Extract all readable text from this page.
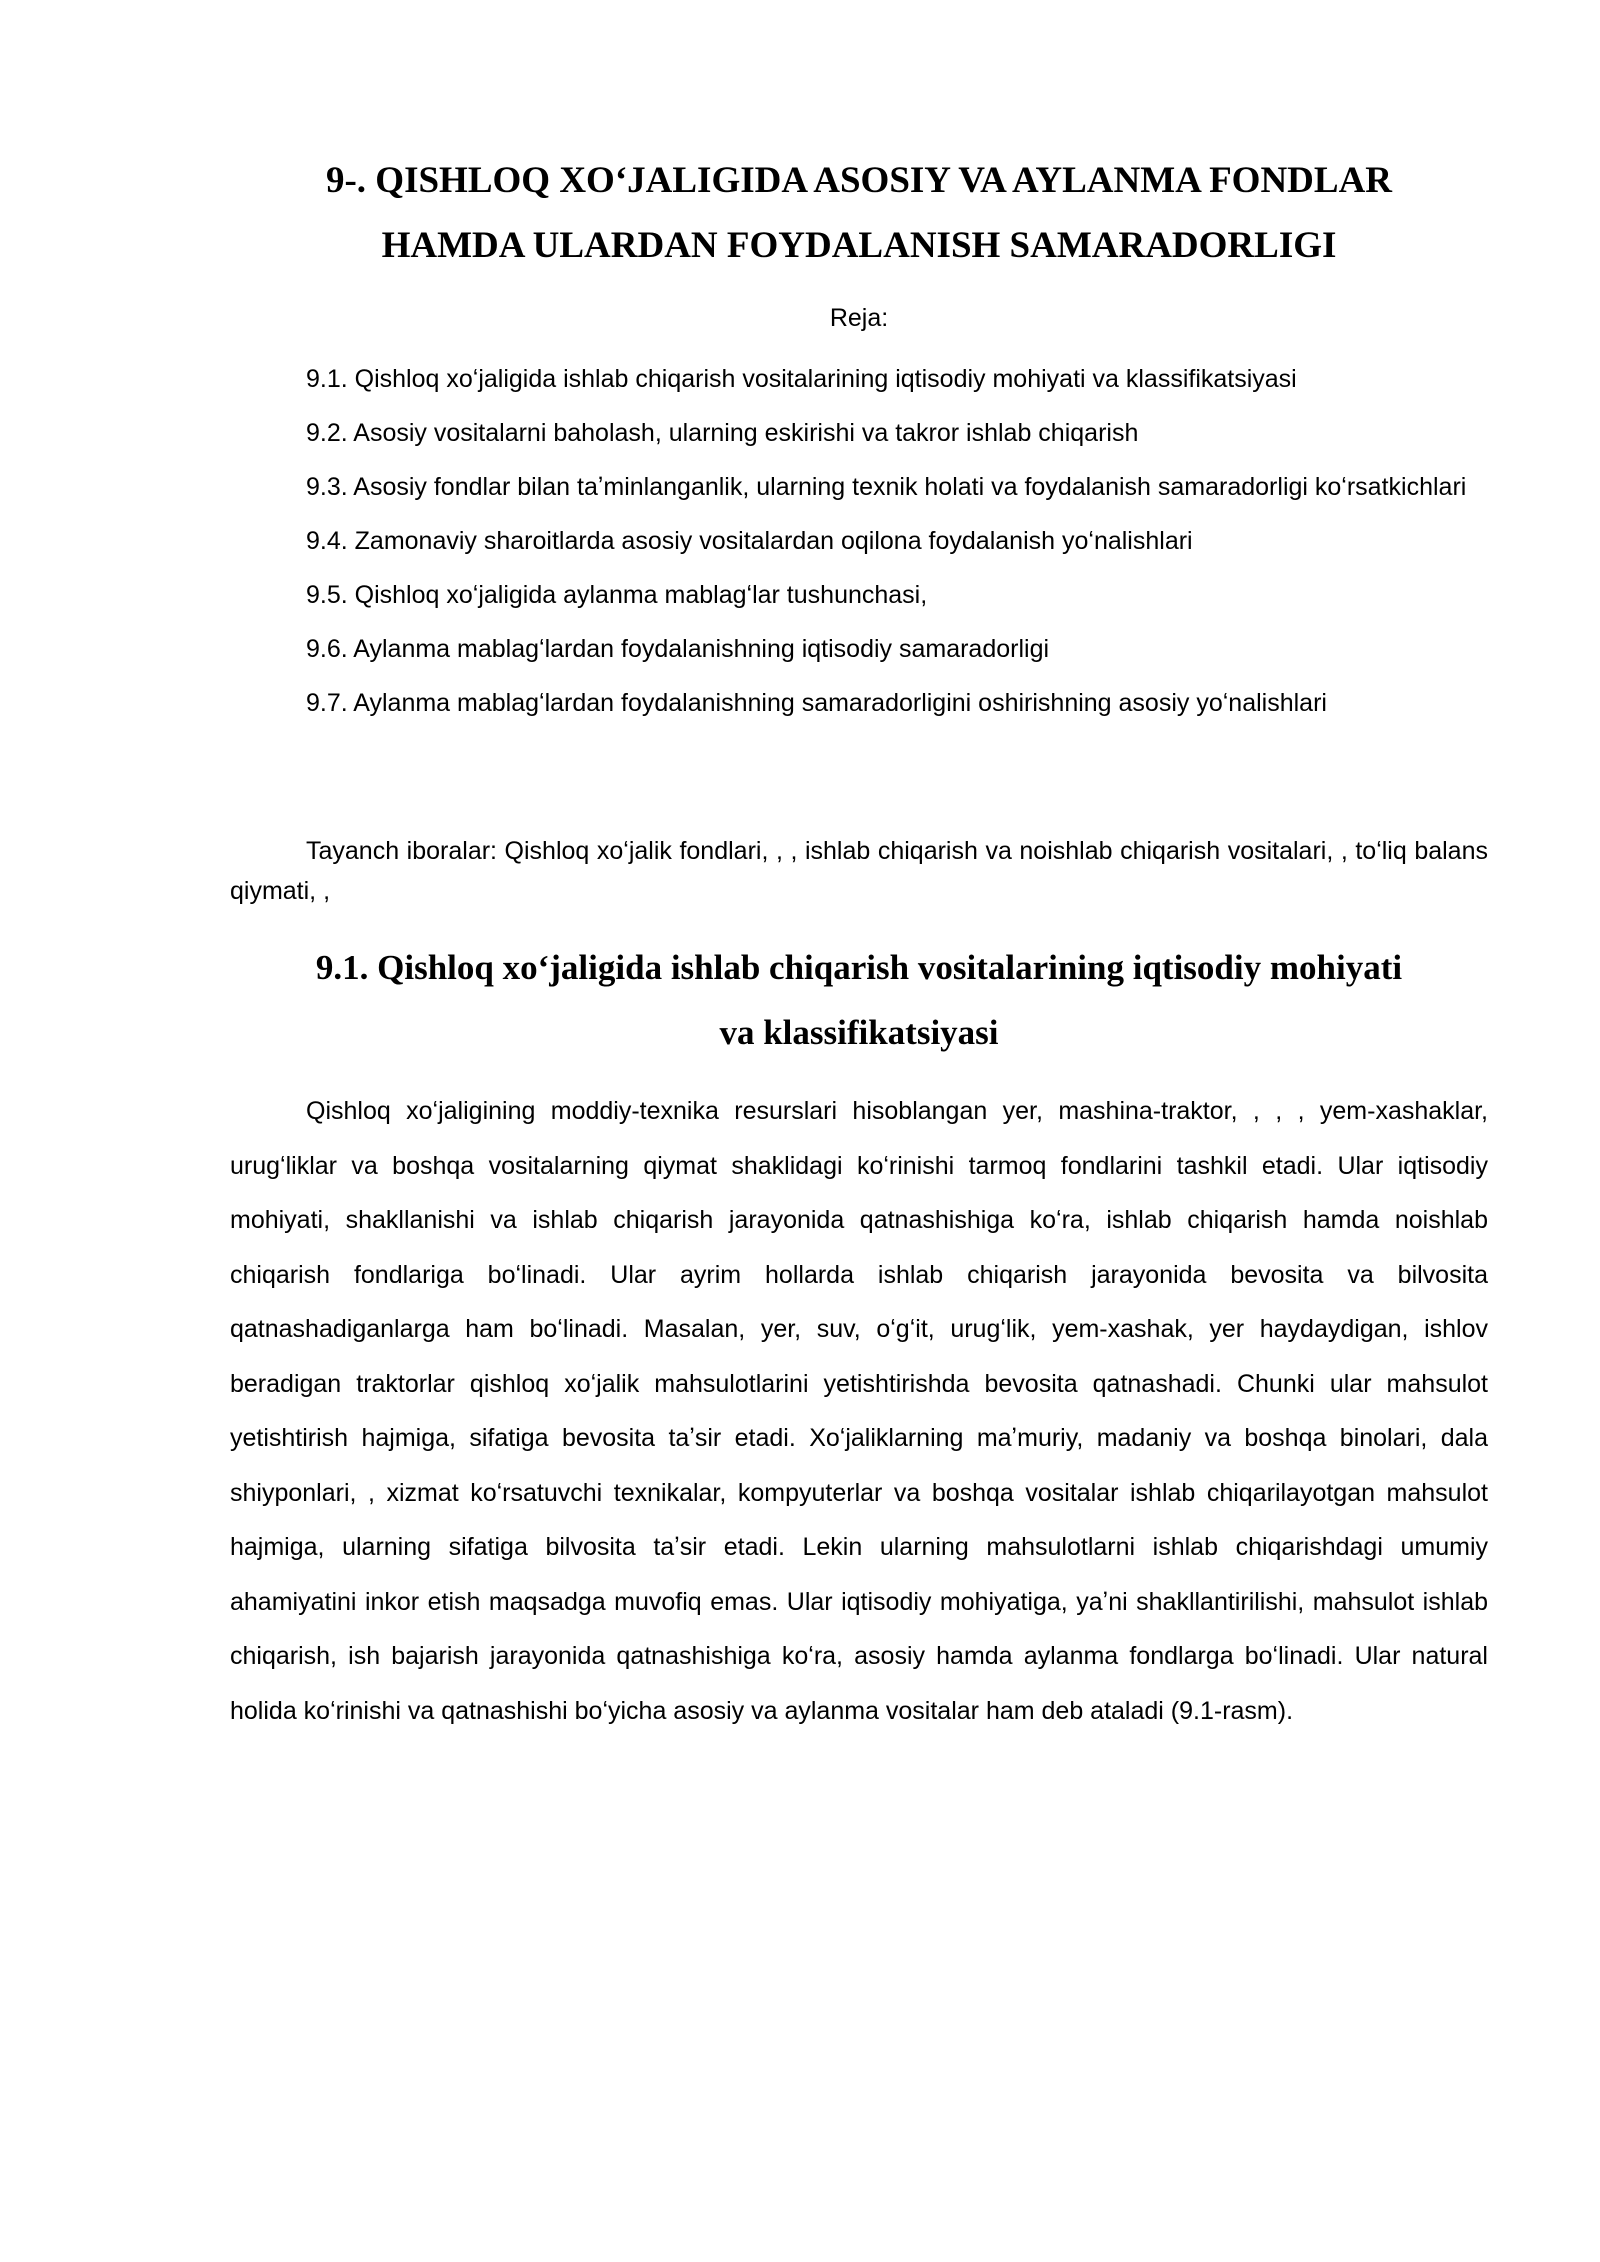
9-. QISHLOQ XOʻJALIGIDA ASOSIY VA AYLANMA FONDLAR
HAMDA ULARDAN FOYDALANISH SAMARADORLIGI

Reja:

9.1. Qishloq xoʻjaligida ishlab chiqarish vositalarining iqtisodiy mohiyati va klassifikatsiyasi
9.2. Asosiy vositalarni baholash, ularning eskirishi va takror ishlab chiqarish
9.3. Asosiy fondlar bilan taʼminlanganlik, ularning texnik holati va foydalanish samaradorligi koʻrsatkichlari
9.4. Zamonaviy sharoitlarda asosiy vositalardan oqilona foydalanish yoʻnalishlari
9.5. Qishloq xoʻjaligida aylanma mablagʻlar tushunchasi,
9.6. Aylanma mablagʻlardan foydalanishning iqtisodiy samaradorligi
9.7. Aylanma mablagʻlardan foydalanishning samaradorligini oshirishning asosiy yoʻnalishlari

Tayanch iboralar: Qishloq xoʻjalik fondlari, , , ishlab chiqarish va noishlab chiqarish vositalari, , toʻliq balans qiymati, ,

9.1. Qishloq xoʻjaligida ishlab chiqarish vositalarining iqtisodiy mohiyati
va klassifikatsiyasi

Qishloq xoʻjaligining moddiy-texnika resurslari hisoblangan yer, mashina-traktor, , , , yem-xashaklar, urugʻliklar va boshqa vositalarning qiymat shaklidagi koʻrinishi tarmoq fondlarini tashkil etadi. Ular iqtisodiy mohiyati, shakllanishi va ishlab chiqarish jarayonida qatnashishiga koʻra, ishlab chiqarish hamda noishlab chiqarish fondlariga boʻlinadi. Ular ayrim hollarda ishlab chiqarish jarayonida bevosita va bilvosita qatnashadiganlarga ham boʻlinadi. Masalan, yer, suv, oʻgʻit, urugʻlik, yem-xashak, yer haydaydigan, ishlov beradigan traktorlar qishloq xoʻjalik mahsulotlarini yetishtirishda bevosita qatnashadi. Chunki ular mahsulot yetishtirish hajmiga, sifatiga bevosita taʼsir etadi. Xoʻjaliklarning maʼmuriy, madaniy va boshqa binolari, dala shiyponlari, , xizmat koʻrsatuvchi texnikalar, kompyuterlar va boshqa vositalar ishlab chiqarilayotgan mahsulot hajmiga, ularning sifatiga bilvosita taʼsir etadi. Lekin ularning mahsulotlarni ishlab chiqarishdagi umumiy ahamiyatini inkor etish maqsadga muvofiq emas. Ular iqtisodiy mohiyatiga, yaʼni shakllantirilishi, mahsulot ishlab chiqarish, ish bajarish jarayonida qatnashishiga koʻra, asosiy hamda aylanma fondlarga boʻlinadi. Ular natural holida koʻrinishi va qatnashishi boʻyicha asosiy va aylanma vositalar ham deb ataladi (9.1-rasm).
